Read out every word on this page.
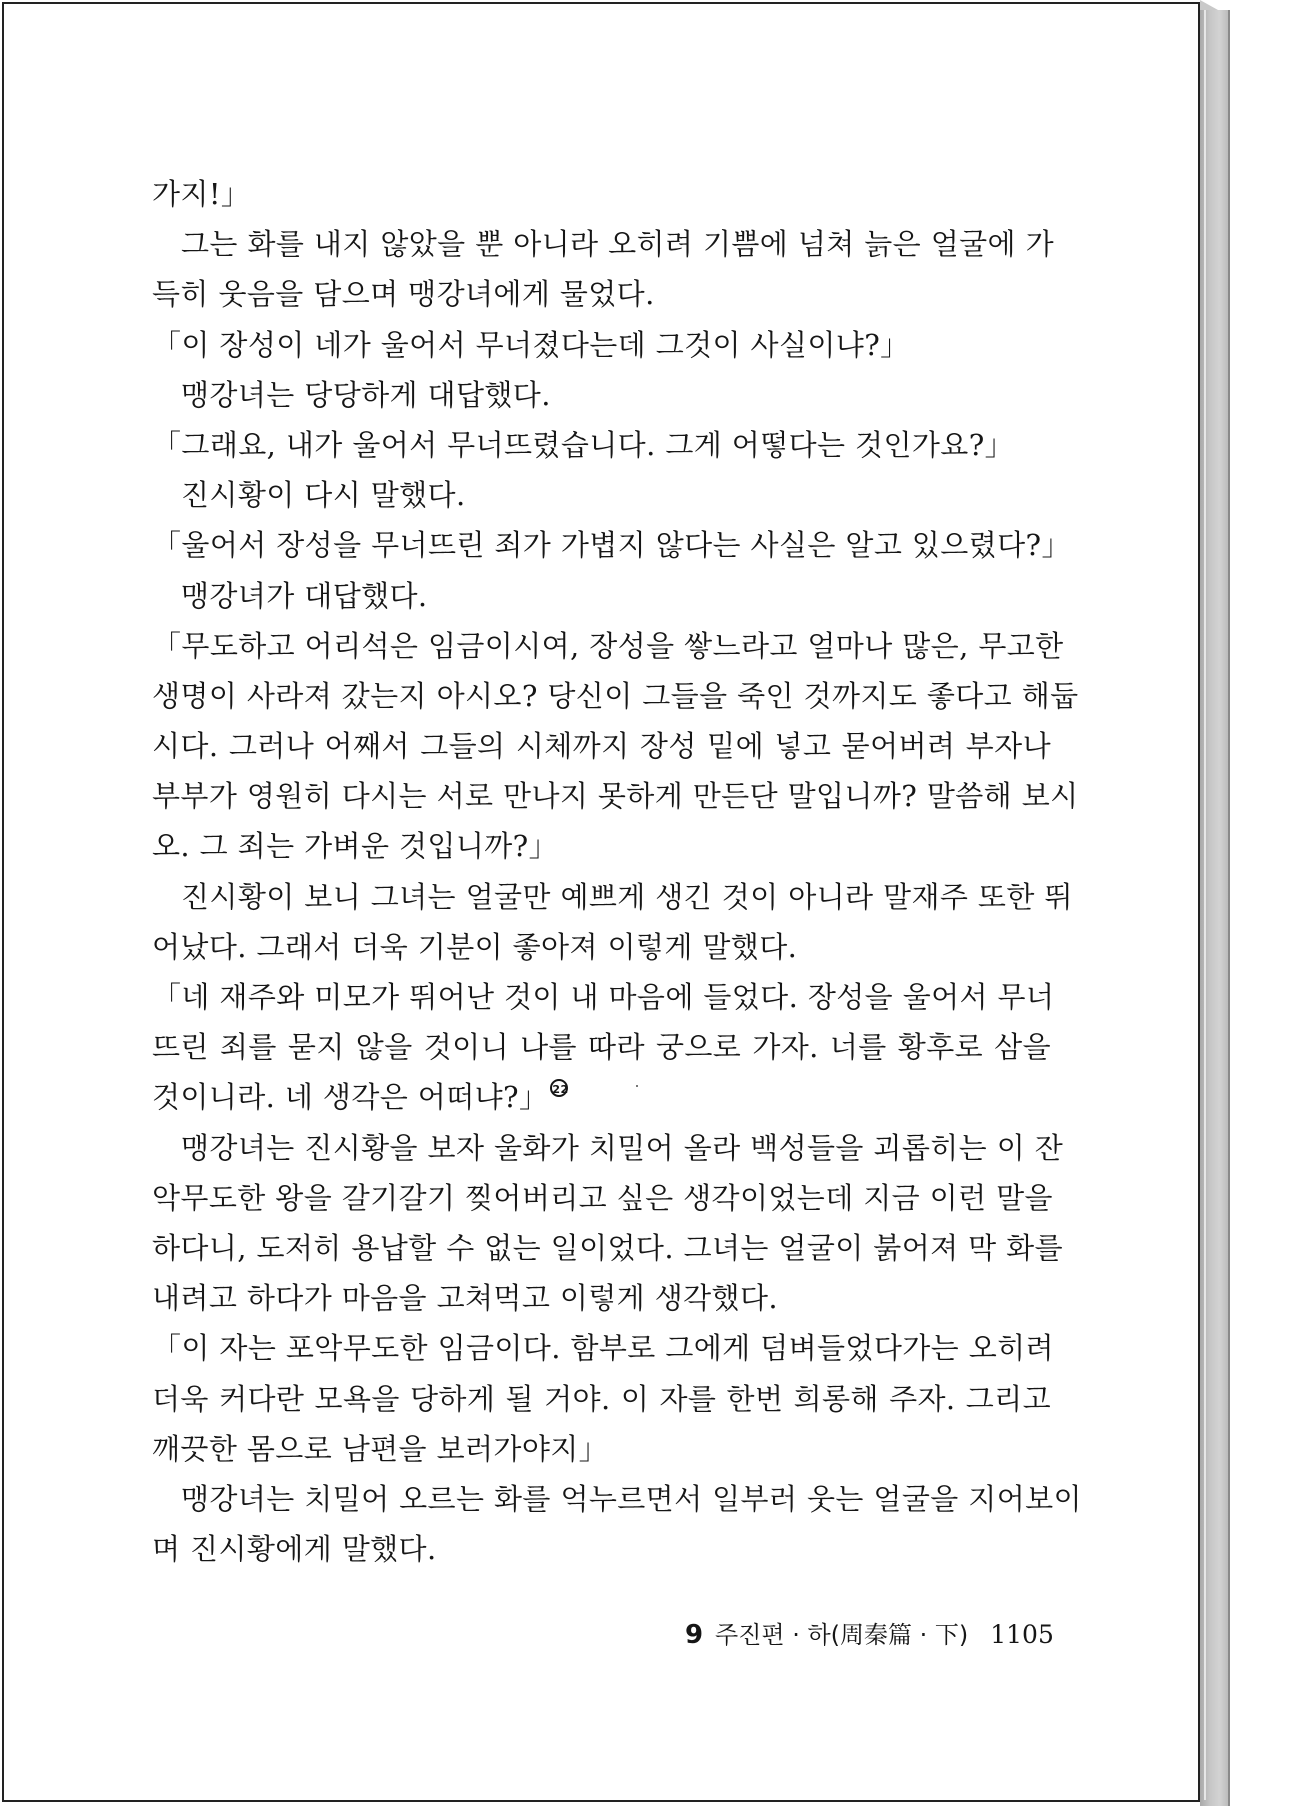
가지!」
그는 화를 내지 않았을 뿐 아니라 오히려 기쁨에 넘쳐 늙은 얼굴에 가
득히 웃음을 담으며 맹강녀에게 물었다.
「이 장성이 네가 울어서 무너졌다는데 그것이 사실이냐?」
맹강녀는 당당하게 대답했다.
「그래요, 내가 울어서 무너뜨렸습니다. 그게 어떻다는 것인가요?」
진시황이 다시 말했다.
「울어서 장성을 무너뜨린 죄가 가볍지 않다는 사실은 알고 있으렸다?」
맹강녀가 대답했다.
「무도하고 어리석은 임금이시여, 장성을 쌓느라고 얼마나 많은, 무고한
생명이 사라져 갔는지 아시오? 당신이 그들을 죽인 것까지도 좋다고 해둡
시다. 그러나 어째서 그들의 시체까지 장성 밑에 넣고 묻어버려 부자나
부부가 영원히 다시는 서로 만나지 못하게 만든단 말입니까? 말씀해 보시
오. 그 죄는 가벼운 것입니까?」
진시황이 보니 그녀는 얼굴만 예쁘게 생긴 것이 아니라 말재주 또한 뛰
어났다. 그래서 더욱 기분이 좋아져 이렇게 말했다.
「네 재주와 미모가 뛰어난 것이 내 마음에 들었다. 장성을 울어서 무너
뜨린 죄를 묻지 않을 것이니 나를 따라 궁으로 가자. 너를 황후로 삼을
것이니라. 네 생각은 어떠냐?」 22
맹강녀는 진시황을 보자 울화가 치밀어 올라 백성들을 괴롭히는 이 잔
악무도한 왕을 갈기갈기 찢어버리고 싶은 생각이었는데 지금 이런 말을
하다니, 도저히 용납할 수 없는 일이었다. 그녀는 얼굴이 붉어져 막 화를
내려고 하다가 마음을 고쳐먹고 이렇게 생각했다.
「이 자는 포악무도한 임금이다. 함부로 그에게 덤벼들었다가는 오히려
더욱 커다란 모욕을 당하게 될 거야. 이 자를 한번 희롱해 주자. 그리고
깨끗한 몸으로 남편을 보러가야지」
맹강녀는 치밀어 오르는 화를 억누르면서 일부러 웃는 얼굴을 지어보이
며 진시황에게 말했다.
9 주진편 · 하(周秦篇 · 下) 1105
